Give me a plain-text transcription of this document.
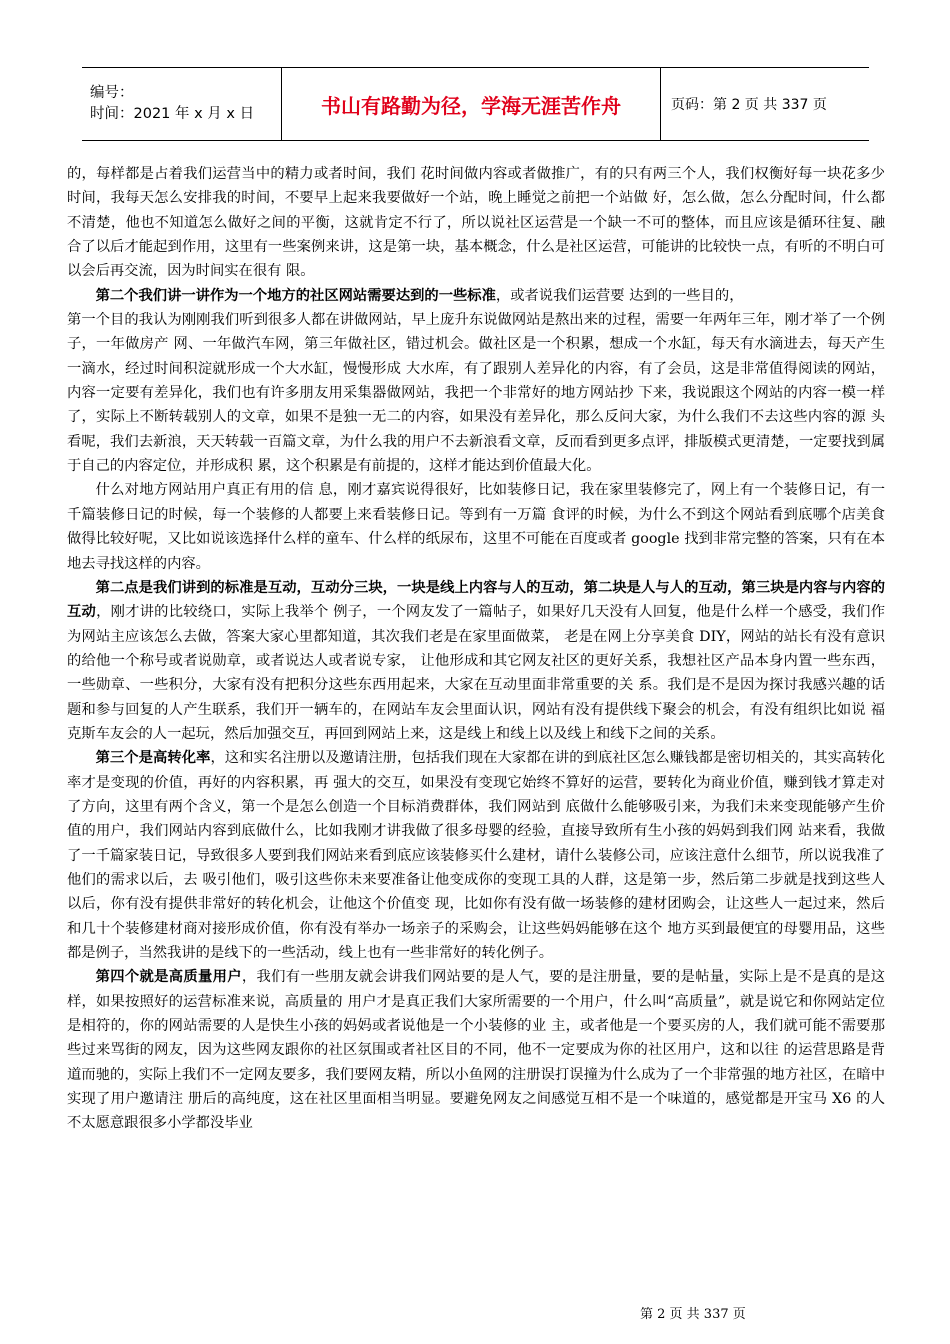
编号：
时间：2021 年 x 月 x 日	书山有路勤为径，学海无涯苦作舟	页码：第 2 页 共 337 页

的，每样都是占着我们运营当中的精力或者时间，我们 花时间做内容或者做推广，有的只有两三个人，我们权衡好每一块花多少时间，我每天怎么安排我的时间，不要早上起来我要做好一个站，晚上睡觉之前把一个站做 好，怎么做，怎么分配时间，什么都不清楚，他也不知道怎么做好之间的平衡，这就肯定不行了，所以说社区运营是一个缺一不可的整体，而且应该是循环往复、融 合了以后才能起到作用，这里有一些案例来讲，这是第一块，基本概念，什么是社区运营，可能讲的比较快一点，有听的不明白可以会后再交流，因为时间实在很有 限。

第二个我们讲一讲作为一个地方的社区网站需要达到的一些标准，或者说我们运营要 达到的一些目的，

第一个目的我认为刚刚我们听到很多人都在讲做网站，早上庞升东说做网站是熬出来的过程，需要一年两年三年，刚才举了一个例子，一年做房产 网、一年做汽车网，第三年做社区，错过机会。做社区是一个积累，想成一个水缸，每天有水滴进去，每天产生一滴水，经过时间积淀就形成一个大水缸，慢慢形成 大水库，有了跟别人差异化的内容，有了会员，这是非常值得阅读的网站，内容一定要有差异化，我们也有许多朋友用采集器做网站，我把一个非常好的地方网站抄 下来，我说跟这个网站的内容一模一样了，实际上不断转载别人的文章，如果不是独一无二的内容，如果没有差异化，那么反问大家，为什么我们不去这些内容的源 头看呢，我们去新浪，天天转载一百篇文章，为什么我的用户不去新浪看文章，反而看到更多点评，排版模式更清楚，一定要找到属于自己的内容定位，并形成积 累，这个积累是有前提的，这样才能达到价值最大化。

什么对地方网站用户真正有用的信 息，刚才嘉宾说得很好，比如装修日记，我在家里装修完了，网上有一个装修日记，有一千篇装修日记的时候，每一个装修的人都要上来看装修日记。等到有一万篇 食评的时候，为什么不到这个网站看到底哪个店美食做得比较好呢，又比如说该选择什么样的童车、什么样的纸尿布，这里不可能在百度或者 google 找到非常完整的答案，只有在本地去寻找这样的内容。

第二点是我们讲到的标准是互动，互动分三块，一块是线上内容与人的互动，第二块是人与人的互动，第三块是内容与内容的互动，刚才讲的比较绕口，实际上我举个 例子，一个网友发了一篇帖子，如果好几天没有人回复，他是什么样一个感受，我们作为网站主应该怎么去做，答案大家心里都知道，其次我们老是在家里面做菜， 老是在网上分享美食 DIY，网站的站长有没有意识的给他一个称号或者说勋章，或者说达人或者说专家， 让他形成和其它网友社区的更好关系，我想社区产品本身内置一些东西，一些勋章、一些积分，大家有没有把积分这些东西用起来，大家在互动里面非常重要的关 系。我们是不是因为探讨我感兴趣的话题和参与回复的人产生联系，我们开一辆车的，在网站车友会里面认识，网站有没有提供线下聚会的机会，有没有组织比如说 福克斯车友会的人一起玩，然后加强交互，再回到网站上来，这是线上和线上以及线上和线下之间的关系。

第三个是高转化率，这和实名注册以及邀请注册，包括我们现在大家都在讲的到底社区怎么赚钱都是密切相关的，其实高转化率才是变现的价值，再好的内容积累，再 强大的交互，如果没有变现它始终不算好的运营，要转化为商业价值，赚到钱才算走对了方向，这里有两个含义，第一个是怎么创造一个目标消费群体，我们网站到 底做什么能够吸引来，为我们未来变现能够产生价值的用户，我们网站内容到底做什么，比如我刚才讲我做了很多母婴的经验，直接导致所有生小孩的妈妈到我们网 站来看，我做了一千篇家装日记，导致很多人要到我们网站来看到底应该装修买什么建材，请什么装修公司，应该注意什么细节，所以说我准了他们的需求以后，去 吸引他们，吸引这些你未来要准备让他变成你的变现工具的人群，这是第一步，然后第二步就是找到这些人以后，你有没有提供非常好的转化机会，让他这个价值变 现，比如你有没有做一场装修的建材团购会，让这些人一起过来，然后和几十个装修建材商对接形成价值，你有没有举办一场亲子的采购会，让这些妈妈能够在这个 地方买到最便宜的母婴用品，这些都是例子，当然我讲的是线下的一些活动，线上也有一些非常好的转化例子。

第四个就是高质量用户，我们有一些朋友就会讲我们网站要的是人气，要的是注册量，要的是帖量，实际上是不是真的是这样，如果按照好的运营标准来说，高质量的 用户才是真正我们大家所需要的一个用户，什么叫“高质量”，就是说它和你网站定位是相符的，你的网站需要的人是快生小孩的妈妈或者说他是一个小装修的业 主，或者他是一个要买房的人，我们就可能不需要那些过来骂街的网友，因为这些网友跟你的社区氛围或者社区目的不同，他不一定要成为你的社区用户，这和以往 的运营思路是背道而驰的，实际上我们不一定网友要多，我们要网友精，所以小鱼网的注册误打误撞为什么成为了一个非常强的地方社区，在暗中实现了用户邀请注 册后的高纯度，这在社区里面相当明显。要避免网友之间感觉互相不是一个味道的，感觉都是开宝马 X6 的人 不太愿意跟很多小学都没毕业

第 2 页 共 337 页
